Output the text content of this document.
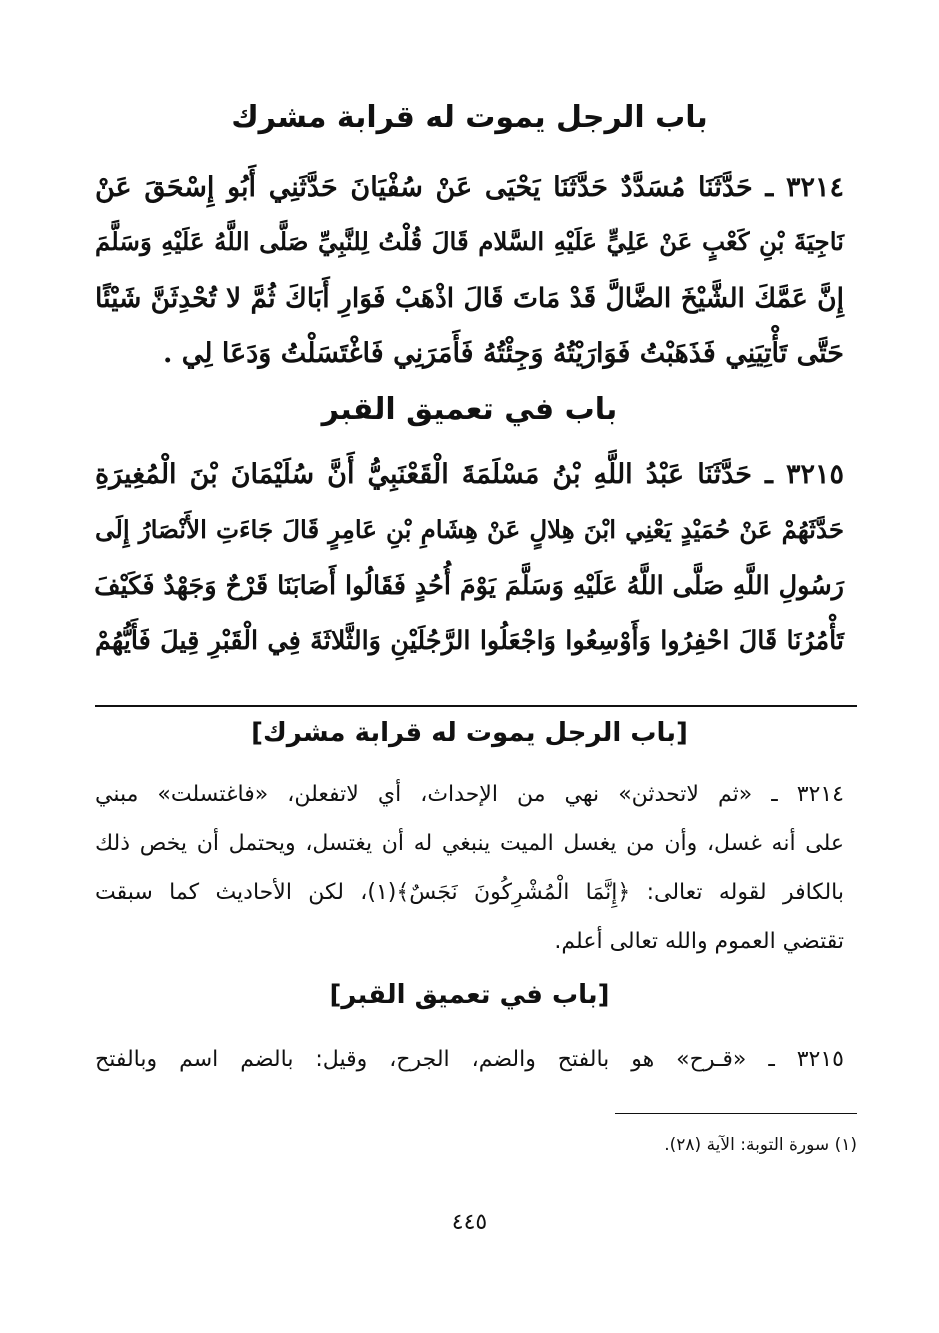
باب الرجل يموت له قرابة مشرك
٣٢١٤ ـ حَدَّثَنَا مُسَدَّدٌ حَدَّثَنَا يَحْيَى عَنْ سُفْيَانَ حَدَّثَنِي أَبُو إِسْحَقَ عَنْ
نَاجِيَةَ بْنِ كَعْبٍ عَنْ عَلِيٍّ عَلَيْهِ السَّلام قَالَ قُلْتُ لِلنَّبِيِّ صَلَّى اللَّهُ عَلَيْهِ وَسَلَّمَ
إِنَّ عَمَّكَ الشَّيْخَ الضَّالَّ قَدْ مَاتَ قَالَ اذْهَبْ فَوَارِ أَبَاكَ ثُمَّ لا تُحْدِثَنَّ شَيْئًا
حَتَّى تَأْتِيَنِي فَذَهَبْتُ فَوَارَيْتُهُ وَجِئْتُهُ فَأَمَرَنِي فَاغْتَسَلْتُ وَدَعَا لِي .
باب في تعميق القبر
٣٢١٥ ـ حَدَّثَنَا عَبْدُ اللَّهِ بْنُ مَسْلَمَةَ الْقَعْنَبِيُّ أَنَّ سُلَيْمَانَ بْنَ الْمُغِيرَةِ
حَدَّثَهُمْ عَنْ حُمَيْدٍ يَعْنِي ابْنَ هِلالٍ عَنْ هِشَامِ بْنِ عَامِرٍ قَالَ جَاءَتِ الأَنْصَارُ إِلَى
رَسُولِ اللَّهِ صَلَّى اللَّهُ عَلَيْهِ وَسَلَّمَ يَوْمَ أُحُدٍ فَقَالُوا أَصَابَنَا قَرْحٌ وَجَهْدٌ فَكَيْفَ
تَأْمُرُنَا قَالَ احْفِرُوا وَأَوْسِعُوا وَاجْعَلُوا الرَّجُلَيْنِ وَالثَّلاثَةَ فِي الْقَبْرِ قِيلَ فَأَيُّهُمْ
[باب الرجل يموت له قرابة مشرك]
٣٢١٤ ـ «ثم لاتحدثن» نهي من الإحداث، أي لاتفعلن، «فاغتسلت» مبني
على أنه غسل، وأن من يغسل الميت ينبغي له أن يغتسل، ويحتمل أن يخص ذلك
بالكافر لقوله تعالى: ﴿إِنَّمَا الْمُشْرِكُونَ نَجَسٌ﴾(١)، لكن الأحاديث كما سبقت
تقتضي العموم والله تعالى أعلم.
[باب في تعميق القبر]
٣٢١٥ ـ «قـرح» هو بالفتح والضم، الجرح، وقيل: بالضم اسم وبالفتح
(١) سورة التوبة: الآية (٢٨).
٤٤٥
